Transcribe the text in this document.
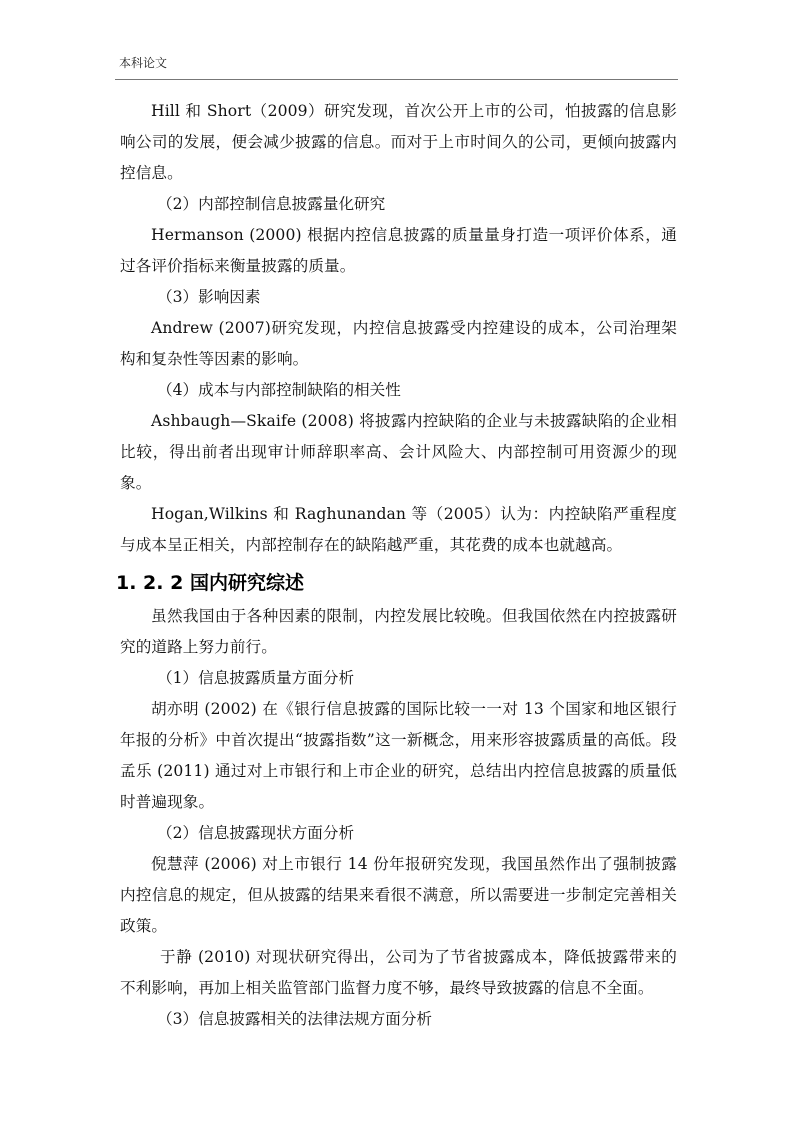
本科论文

Hill 和 Short（2009）研究发现，首次公开上市的公司，怕披露的信息影响公司的发展，便会减少披露的信息。而对于上市时间久的公司，更倾向披露内控信息。

（2）内部控制信息披露量化研究

Hermanson (2000) 根据内控信息披露的质量量身打造一项评价体系，通过各评价指标来衡量披露的质量。

（3）影响因素

Andrew (2007)研究发现，内控信息披露受内控建设的成本，公司治理架构和复杂性等因素的影响。

（4）成本与内部控制缺陷的相关性

Ashbaugh—Skaife (2008) 将披露内控缺陷的企业与未披露缺陷的企业相比较，得出前者出现审计师辞职率高、会计风险大、内部控制可用资源少的现象。

Hogan,Wilkins 和 Raghunandan 等（2005）认为：内控缺陷严重程度与成本呈正相关，内部控制存在的缺陷越严重，其花费的成本也就越高。

1. 2. 2 国内研究综述

虽然我国由于各种因素的限制，内控发展比较晚。但我国依然在内控披露研究的道路上努力前行。

（1）信息披露质量方面分析

胡亦明 (2002) 在《银行信息披露的国际比较一一对 13 个国家和地区银行年报的分析》中首次提出“披露指数”这一新概念，用来形容披露质量的高低。段孟乐 (2011) 通过对上市银行和上市企业的研究，总结出内控信息披露的质量低时普遍现象。

（2）信息披露现状方面分析

倪慧萍 (2006) 对上市银行 14 份年报研究发现，我国虽然作出了强制披露内控信息的规定，但从披露的结果来看很不满意，所以需要进一步制定完善相关政策。

于静 (2010) 对现状研究得出，公司为了节省披露成本，降低披露带来的不利影响，再加上相关监管部门监督力度不够，最终导致披露的信息不全面。

（3）信息披露相关的法律法规方面分析
